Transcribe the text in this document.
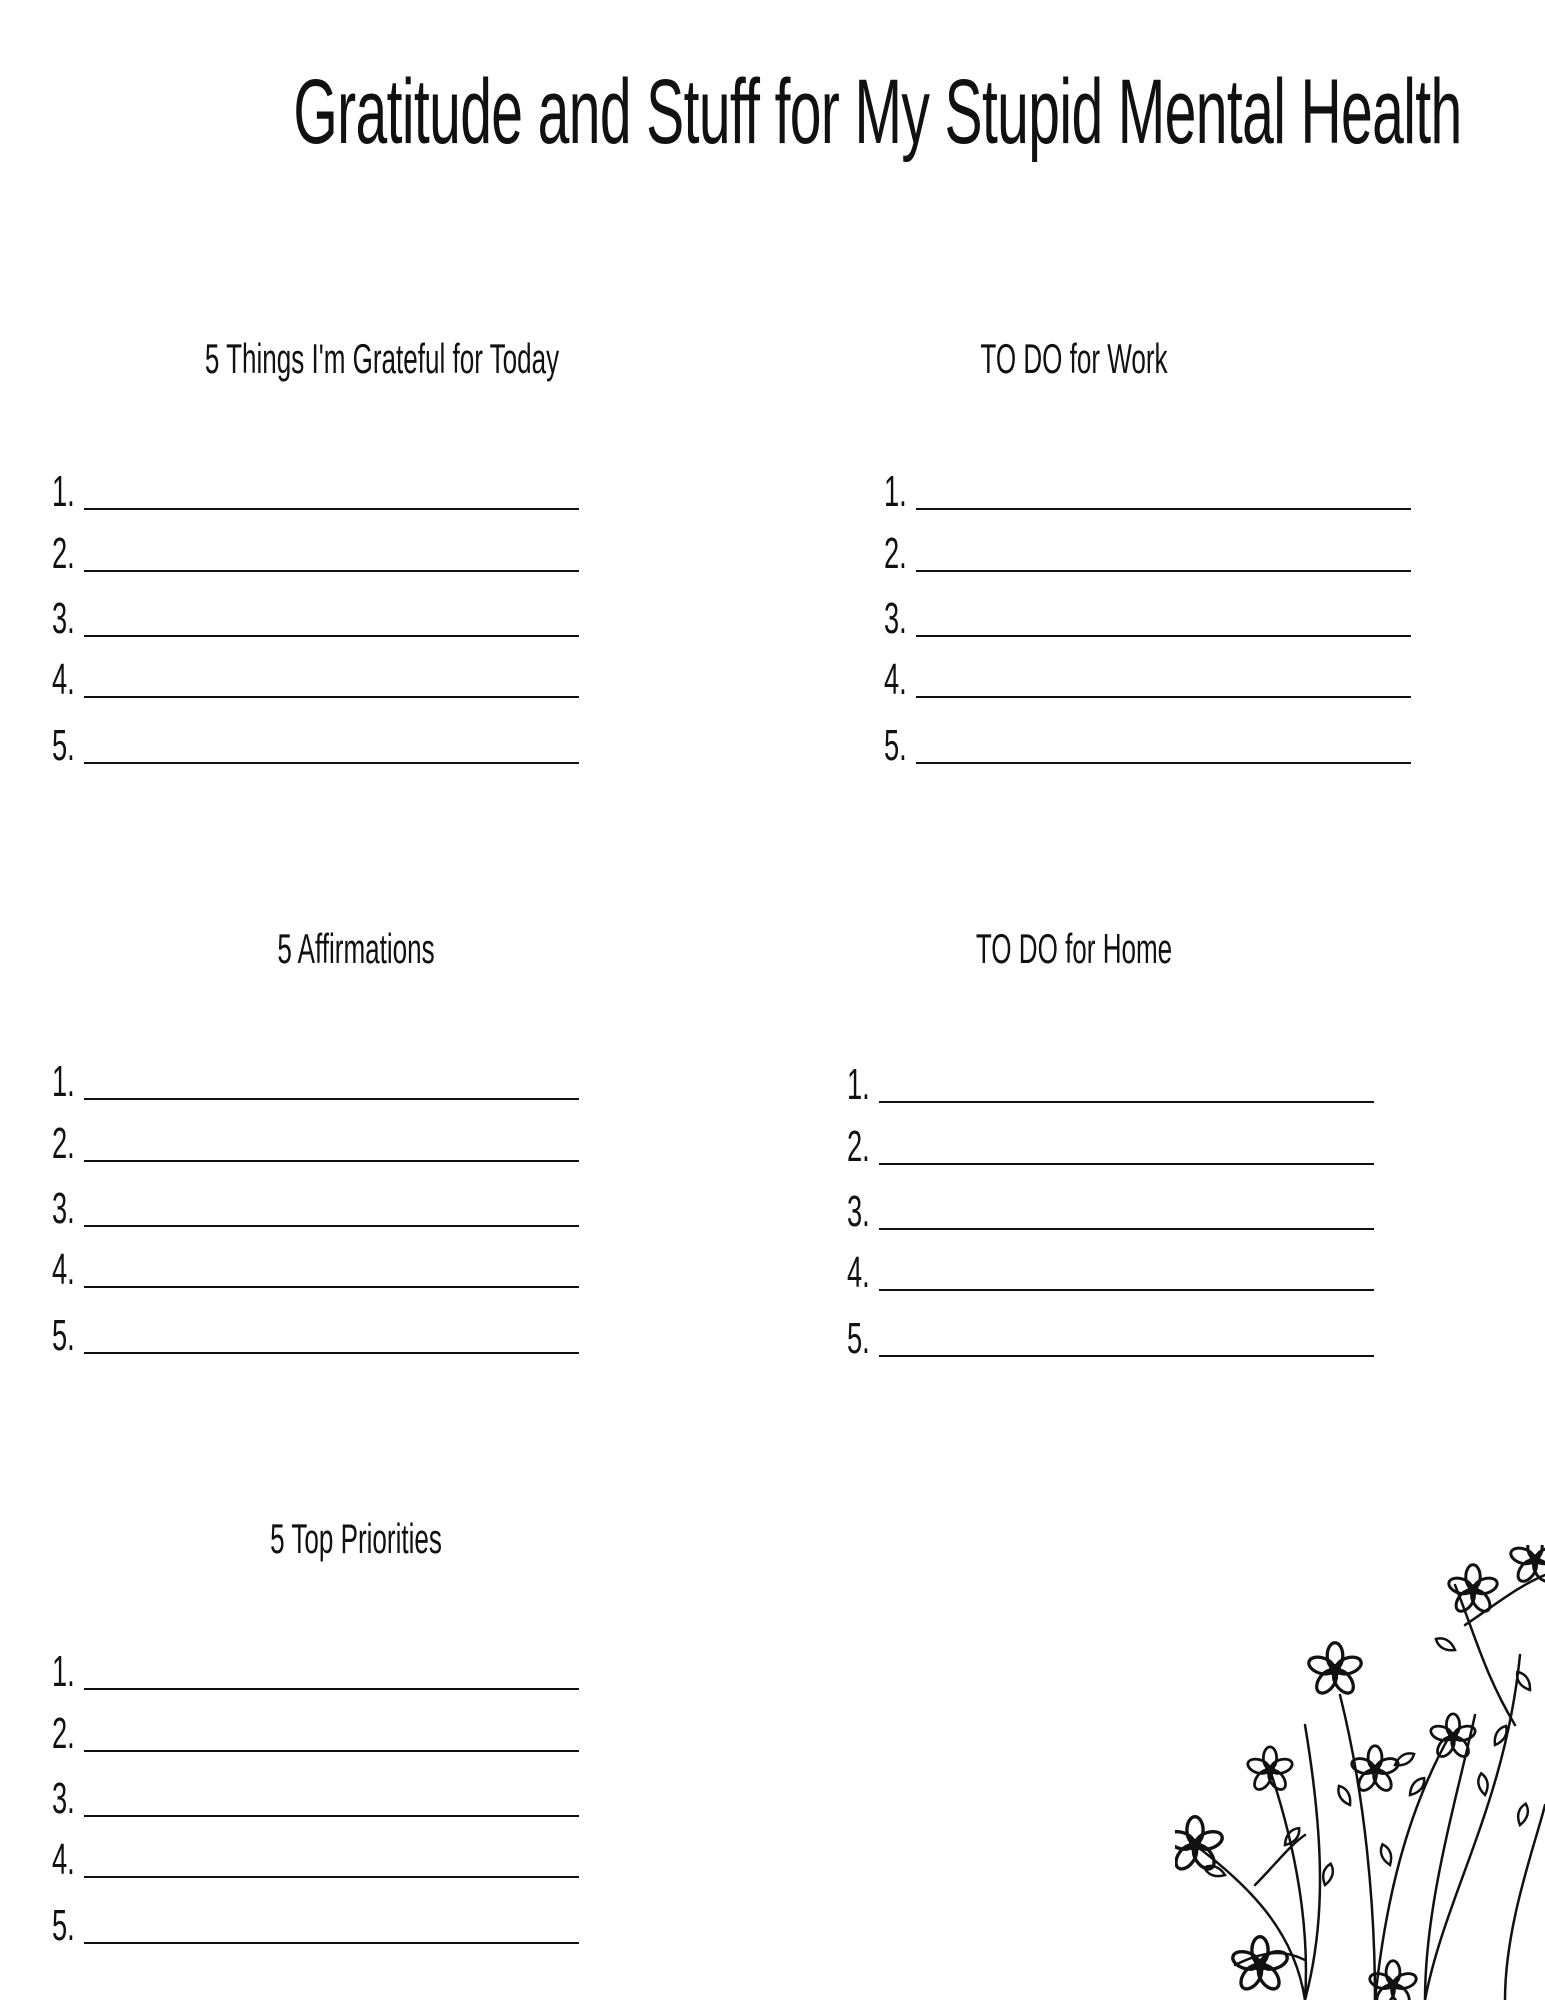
Gratitude and Stuff for My Stupid Mental Health
5 Things I'm Grateful for Today
1.
2.
3.
4.
5.
TO DO for Work
1.
2.
3.
4.
5.
5 Affirmations
1.
2.
3.
4.
5.
TO DO for Home
1.
2.
3.
4.
5.
5 Top Priorities
1.
2.
3.
4.
5.
